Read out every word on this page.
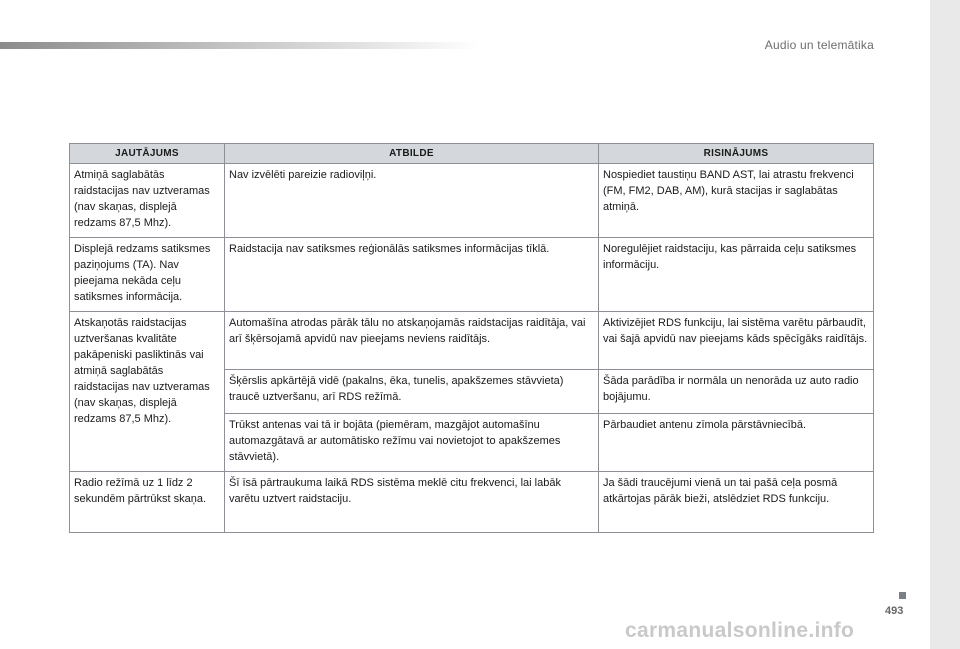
Audio un telemātika
JAUTĀJUMS	ATBILDE	RISINĀJUMS
Atmiņā saglabātās raidstacijas nav uztveramas (nav skaņas, displejā redzams 87,5 Mhz).	Nav izvēlēti pareizie radioviļņi.	Nospiediet taustiņu BAND AST, lai atrastu frekvenci (FM, FM2, DAB, AM), kurā stacijas ir saglabātas atmiņā.
Displejā redzams satiksmes paziņojums (TA). Nav pieejama nekāda ceļu satiksmes informācija.	Raidstacija nav satiksmes reģionālās satiksmes informācijas tīklā.	Noregulējiet raidstaciju, kas pārraida ceļu satiksmes informāciju.
Atskaņotās raidstacijas uztveršanas kvalitāte pakāpeniski pasliktinās vai atmiņā saglabātās raidstacijas nav uztveramas (nav skaņas, displejā redzams 87,5 Mhz).	Automašīna atrodas pārāk tālu no atskaņojamās raidstacijas raidītāja, vai arī šķērsojamā apvidū nav pieejams neviens raidītājs.	Aktivizējiet RDS funkciju, lai sistēma varētu pārbaudīt, vai šajā apvidū nav pieejams kāds spēcīgāks raidītājs.
	Šķērslis apkārtējā vidē (pakalns, ēka, tunelis, apakšzemes stāvvieta) traucē uztveršanu, arī RDS režīmā.	Šāda parādība ir normāla un nenorāda uz auto radio bojājumu.
	Trūkst antenas vai tā ir bojāta (piemēram, mazgājot automašīnu automazgātavā ar automātisko režīmu vai novietojot to apakšzemes stāvvietā).	Pārbaudiet antenu zīmola pārstāvniecībā.
Radio režīmā uz 1 līdz 2 sekundēm pārtrūkst skaņa.	Šī īsā pārtraukuma laikā RDS sistēma meklē citu frekvenci, lai labāk varētu uztvert raidstaciju.	Ja šādi traucējumi vienā un tai pašā ceļa posmā atkārtojas pārāk bieži, atslēdziet RDS funkciju.
493
carmanualsonline.info
